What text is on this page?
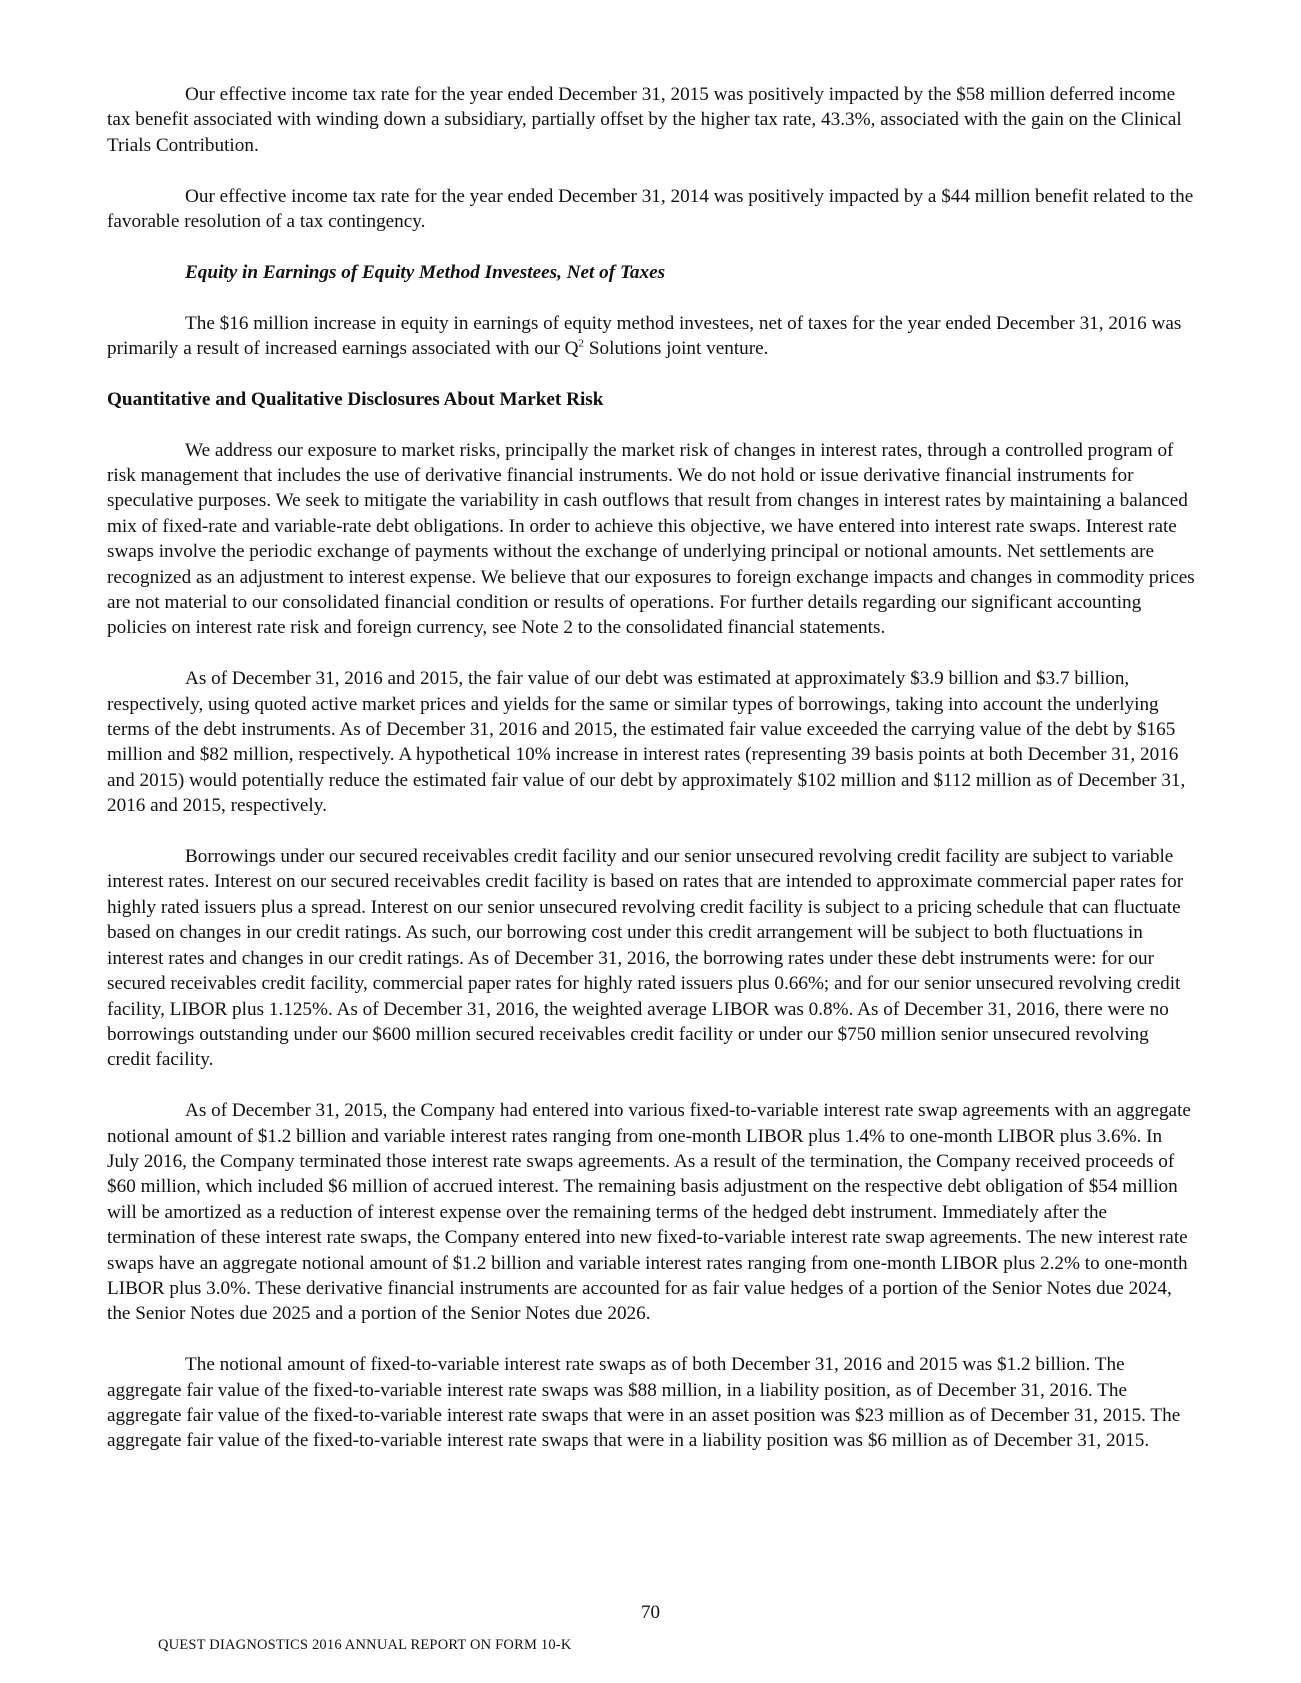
Our effective income tax rate for the year ended December 31, 2015 was positively impacted by the $58 million deferred income tax benefit associated with winding down a subsidiary, partially offset by the higher tax rate, 43.3%, associated with the gain on the Clinical Trials Contribution.

Our effective income tax rate for the year ended December 31, 2014 was positively impacted by a $44 million benefit related to the favorable resolution of a tax contingency.

Equity in Earnings of Equity Method Investees, Net of Taxes

The $16 million increase in equity in earnings of equity method investees, net of taxes for the year ended December 31, 2016 was primarily a result of increased earnings associated with our $Q^2$ Solutions joint venture.

Quantitative and Qualitative Disclosures About Market Risk

We address our exposure to market risks, principally the market risk of changes in interest rates, through a controlled program of risk management that includes the use of derivative financial instruments. We do not hold or issue derivative financial instruments for speculative purposes. We seek to mitigate the variability in cash outflows that result from changes in interest rates by maintaining a balanced mix of fixed-rate and variable-rate debt obligations. In order to achieve this objective, we have entered into interest rate swaps. Interest rate swaps involve the periodic exchange of payments without the exchange of underlying principal or notional amounts. Net settlements are recognized as an adjustment to interest expense. We believe that our exposures to foreign exchange impacts and changes in commodity prices are not material to our consolidated financial condition or results of operations. For further details regarding our significant accounting policies on interest rate risk and foreign currency, see Note 2 to the consolidated financial statements.

As of December 31, 2016 and 2015, the fair value of our debt was estimated at approximately $3.9 billion and $3.7 billion, respectively, using quoted active market prices and yields for the same or similar types of borrowings, taking into account the underlying terms of the debt instruments. As of December 31, 2016 and 2015, the estimated fair value exceeded the carrying value of the debt by $165 million and $82 million, respectively. A hypothetical 10% increase in interest rates (representing 39 basis points at both December 31, 2016 and 2015) would potentially reduce the estimated fair value of our debt by approximately $102 million and $112 million as of December 31, 2016 and 2015, respectively.

Borrowings under our secured receivables credit facility and our senior unsecured revolving credit facility are subject to variable interest rates. Interest on our secured receivables credit facility is based on rates that are intended to approximate commercial paper rates for highly rated issuers plus a spread. Interest on our senior unsecured revolving credit facility is subject to a pricing schedule that can fluctuate based on changes in our credit ratings. As such, our borrowing cost under this credit arrangement will be subject to both fluctuations in interest rates and changes in our credit ratings. As of December 31, 2016, the borrowing rates under these debt instruments were: for our secured receivables credit facility, commercial paper rates for highly rated issuers plus 0.66%; and for our senior unsecured revolving credit facility, LIBOR plus 1.125%. As of December 31, 2016, the weighted average LIBOR was 0.8%. As of December 31, 2016, there were no borrowings outstanding under our $600 million secured receivables credit facility or under our $750 million senior unsecured revolving credit facility.

As of December 31, 2015, the Company had entered into various fixed-to-variable interest rate swap agreements with an aggregate notional amount of $1.2 billion and variable interest rates ranging from one-month LIBOR plus 1.4% to one-month LIBOR plus 3.6%. In July 2016, the Company terminated those interest rate swaps agreements. As a result of the termination, the Company received proceeds of $60 million, which included $6 million of accrued interest. The remaining basis adjustment on the respective debt obligation of $54 million will be amortized as a reduction of interest expense over the remaining terms of the hedged debt instrument. Immediately after the termination of these interest rate swaps, the Company entered into new fixed-to-variable interest rate swap agreements. The new interest rate swaps have an aggregate notional amount of $1.2 billion and variable interest rates ranging from one-month LIBOR plus 2.2% to one-month LIBOR plus 3.0%. These derivative financial instruments are accounted for as fair value hedges of a portion of the Senior Notes due 2024, the Senior Notes due 2025 and a portion of the Senior Notes due 2026.

The notional amount of fixed-to-variable interest rate swaps as of both December 31, 2016 and 2015 was $1.2 billion. The aggregate fair value of the fixed-to-variable interest rate swaps was $88 million, in a liability position, as of December 31, 2016. The aggregate fair value of the fixed-to-variable interest rate swaps that were in an asset position was $23 million as of December 31, 2015. The aggregate fair value of the fixed-to-variable interest rate swaps that were in a liability position was $6 million as of December 31, 2015.

70
QUEST DIAGNOSTICS 2016 ANNUAL REPORT ON FORM 10-K
